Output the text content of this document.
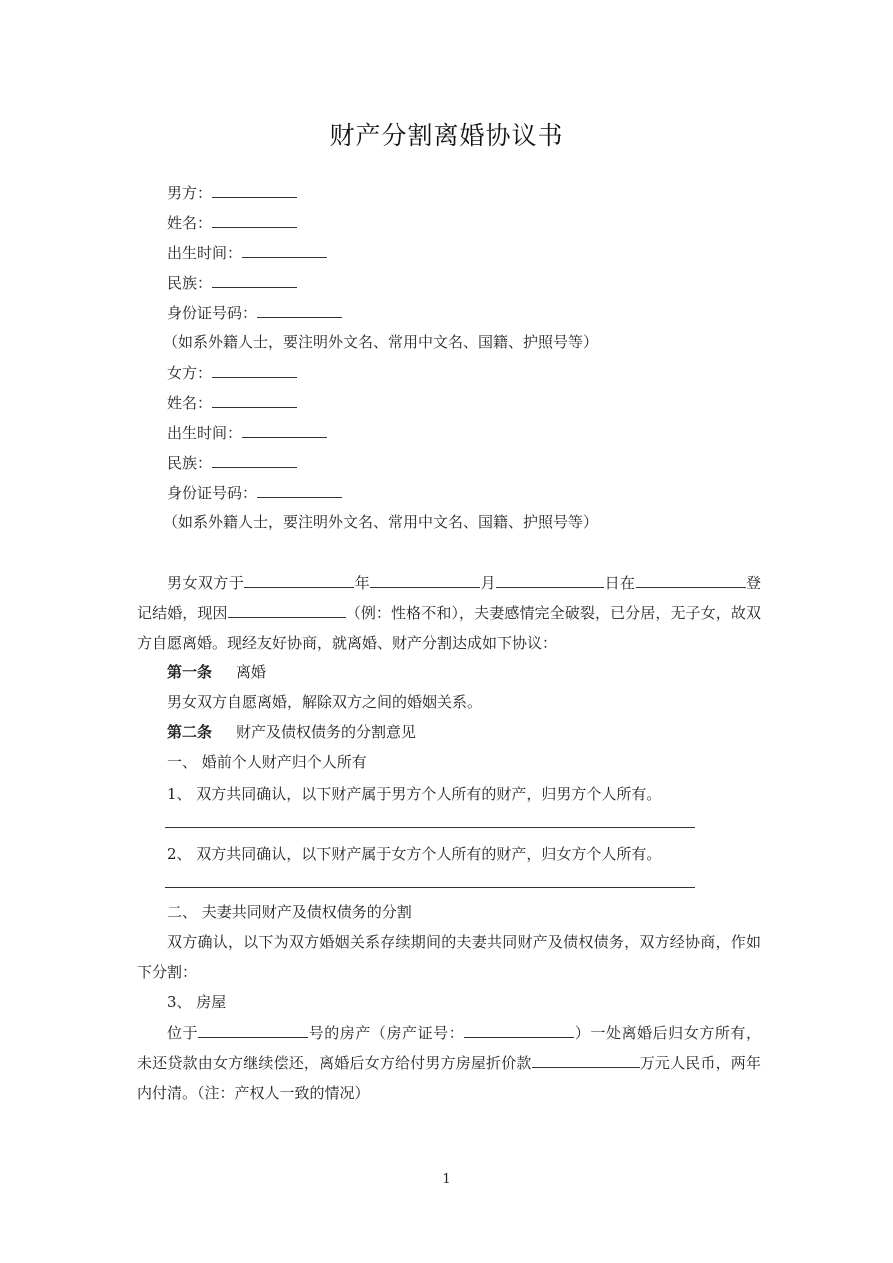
财产分割离婚协议书
男方：
姓名：
出生时间：
民族：
身份证号码：
（如系外籍人士，要注明外文名、常用中文名、国籍、护照号等）
女方：
姓名：
出生时间：
民族：
身份证号码：
（如系外籍人士，要注明外文名、常用中文名、国籍、护照号等）
男女双方于	年	月	日在	登记结婚，现因	（例：性格不和），夫妻感情完全破裂，已分居，无子女，故双方自愿离婚。现经友好协商，就离婚、财产分割达成如下协议：
第一条 离婚
男女双方自愿离婚，解除双方之间的婚姻关系。
第二条 财产及债权债务的分割意见
一、 婚前个人财产归个人所有
1、 双方共同确认，以下财产属于男方个人所有的财产，归男方个人所有。
2、 双方共同确认，以下财产属于女方个人所有的财产，归女方个人所有。
二、 夫妻共同财产及债权债务的分割
双方确认，以下为双方婚姻关系存续期间的夫妻共同财产及债权债务，双方经协商，作如下分割：
3、 房屋
位于	号的房产（房产证号：	）一处离婚后归女方所有，未还贷款由女方继续偿还，离婚后女方给付男方房屋折价款	万元人民币，两年内付清。（注：产权人一致的情况）
1
